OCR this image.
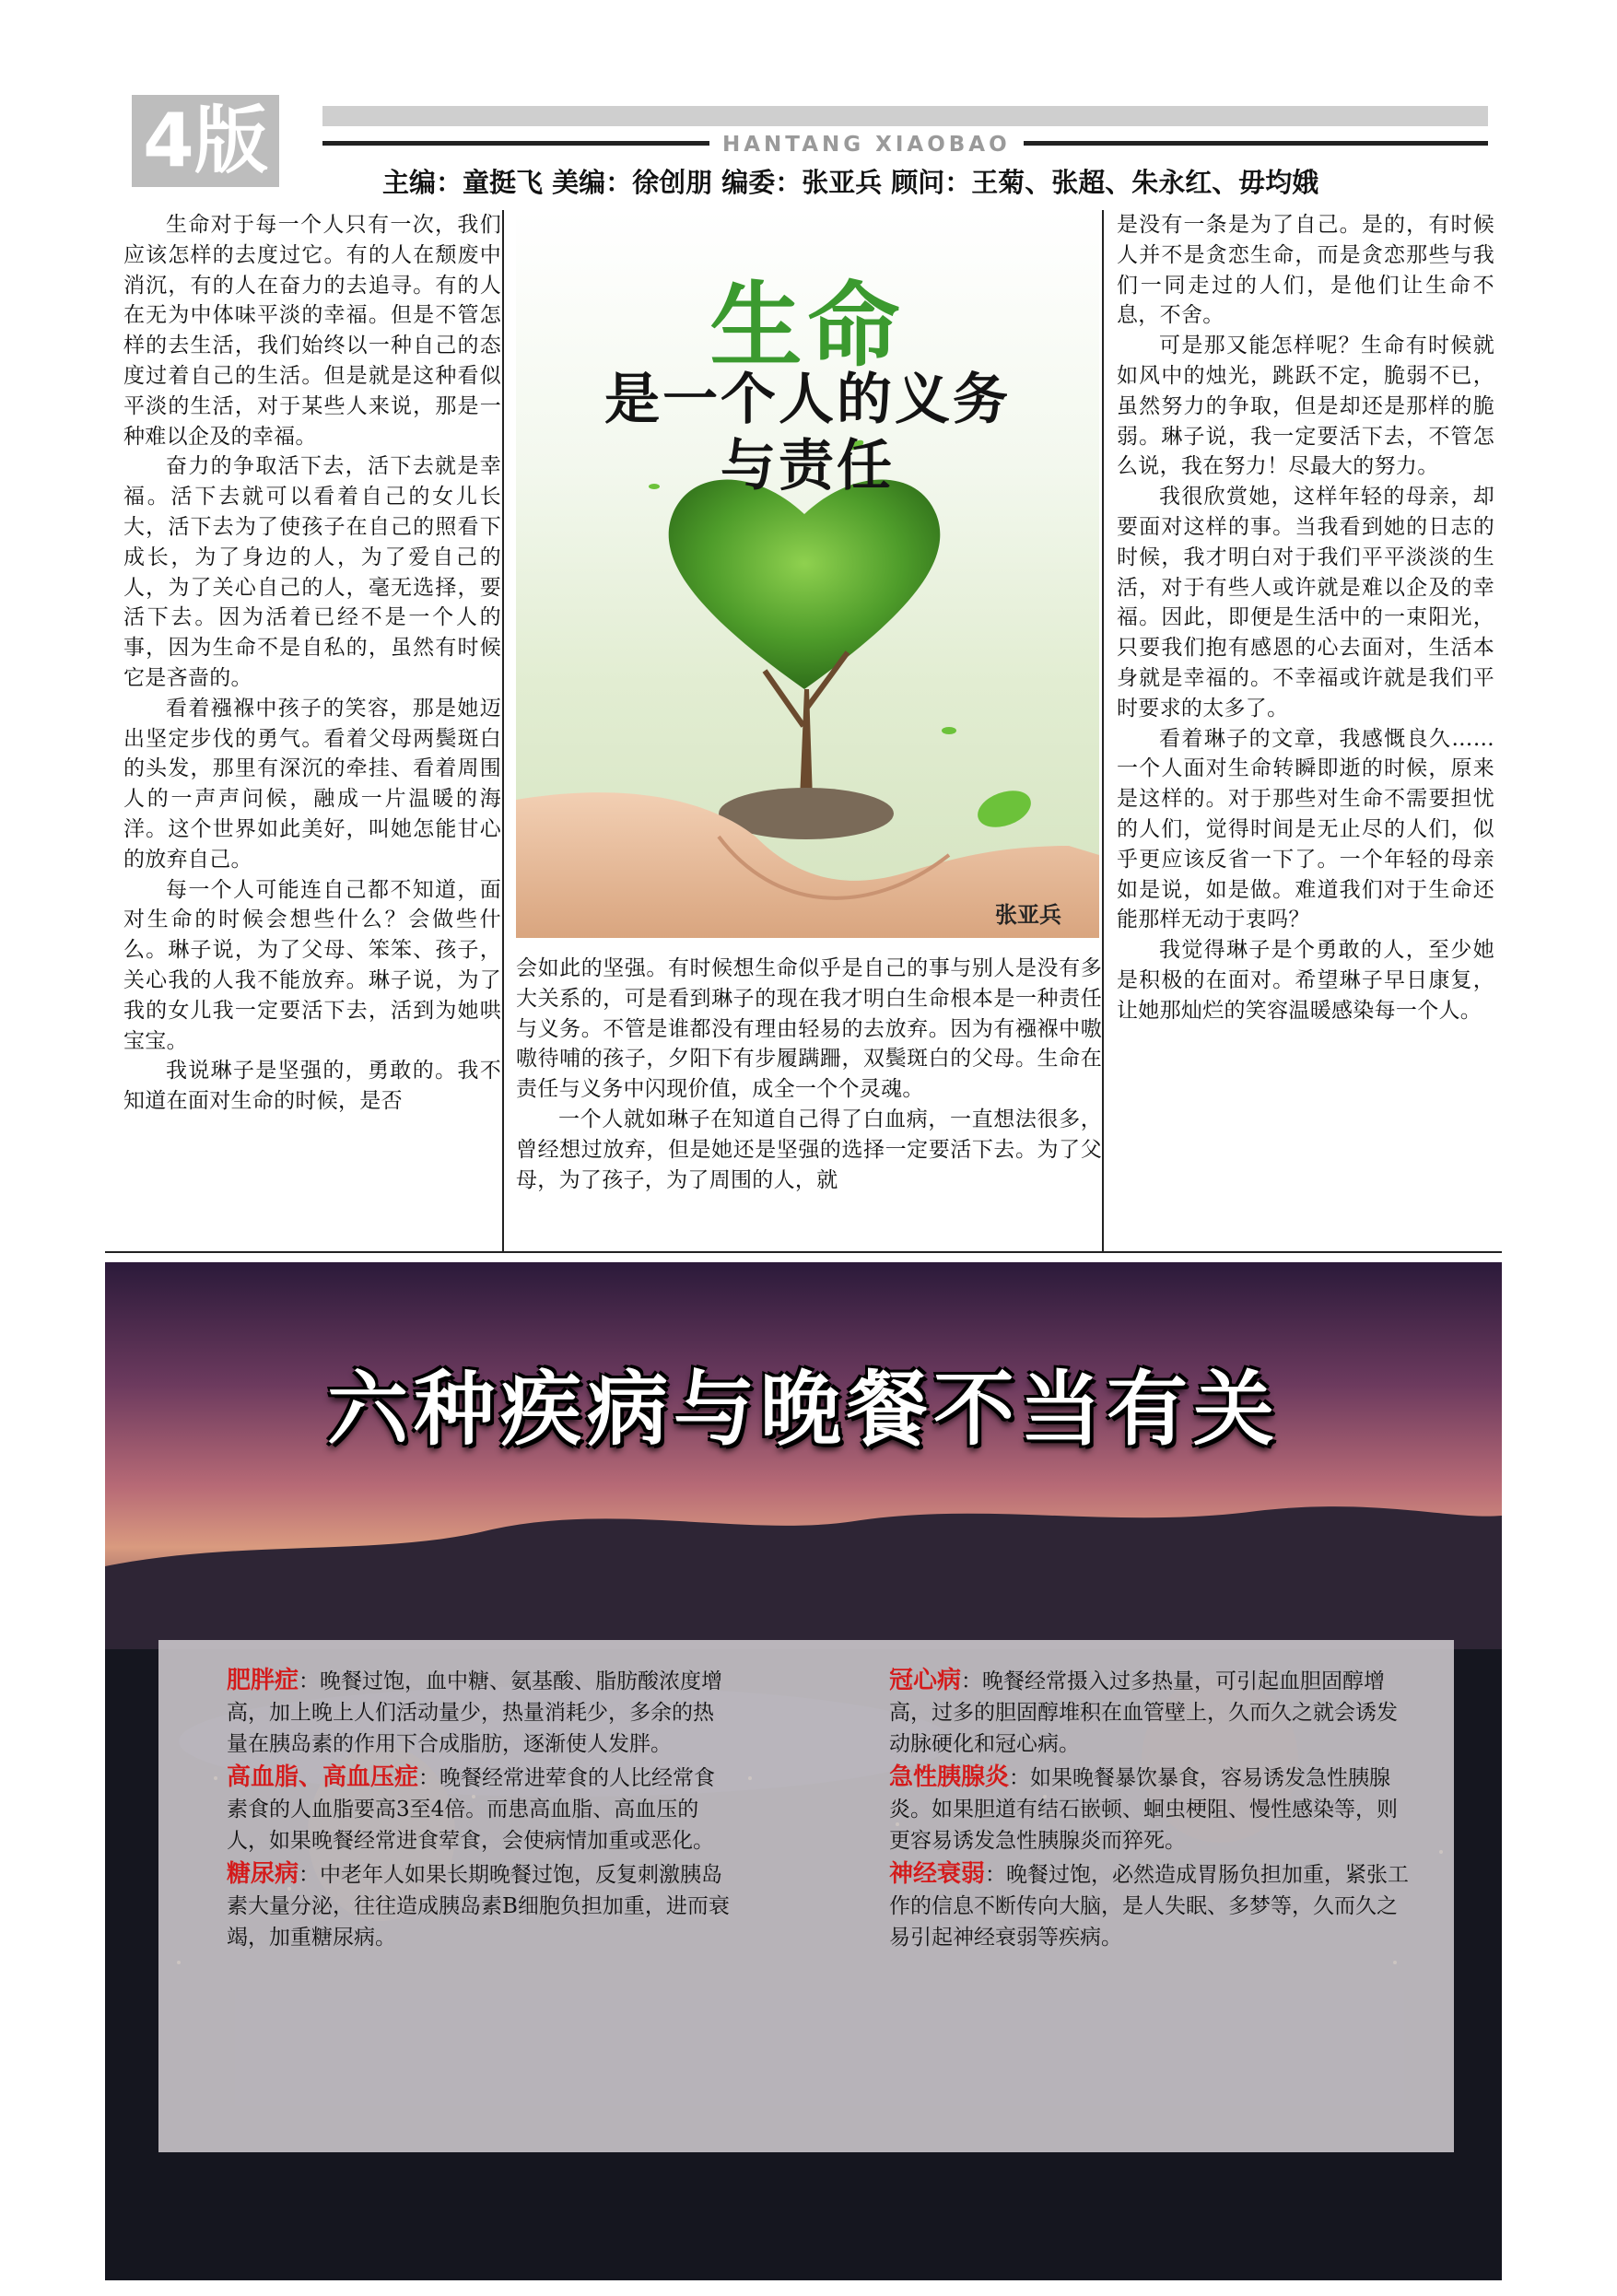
4版	HANTANG XIAOBAO
主编：童挺飞 美编：徐创朋 编委：张亚兵 顾问：王菊、张超、朱永红、毋均娥

生命对于每一个人只有一次，我们应该怎样的去度过它。有的人在颓废中消沉，有的人在奋力的去追寻。有的人在无为中体味平淡的幸福。但是不管怎样的去生活，我们始终以一种自己的态度过着自己的生活。但是就是这种看似平淡的生活，对于某些人来说，那是一种难以企及的幸福。

奋力的争取活下去，活下去就是幸福。活下去就可以看着自己的女儿长大，活下去为了使孩子在自己的照看下成长，为了身边的人，为了爱自己的人，为了关心自己的人，毫无选择，要活下去。因为活着已经不是一个人的事，因为生命不是自私的，虽然有时候它是吝啬的。

看着襁褓中孩子的笑容，那是她迈出坚定步伐的勇气。看着父母两鬓斑白的头发，那里有深沉的牵挂、看着周围人的一声声问候，融成一片温暖的海洋。这个世界如此美好，叫她怎能甘心的放弃自己。

每一个人可能连自己都不知道，面对生命的时候会想些什么？会做些什么。琳子说，为了父母、笨笨、孩子，关心我的人我不能放弃。琳子说，为了我的女儿我一定要活下去，活到为她哄宝宝。

我说琳子是坚强的，勇敢的。我不知道在面对生命的时候，是否

生命
是一个人的义务
与责任
张亚兵

会如此的坚强。有时候想生命似乎是自己的事与别人是没有多大关系的，可是看到琳子的现在我才明白生命根本是一种责任与义务。不管是谁都没有理由轻易的去放弃。因为有襁褓中嗷嗷待哺的孩子，夕阳下有步履蹒跚，双鬓斑白的父母。生命在责任与义务中闪现价值，成全一个个灵魂。

一个人就如琳子在知道自己得了白血病，一直想法很多，曾经想过放弃，但是她还是坚强的选择一定要活下去。为了父母，为了孩子，为了周围的人，就

是没有一条是为了自己。是的，有时候人并不是贪恋生命，而是贪恋那些与我们一同走过的人们，是他们让生命不息，不舍。

可是那又能怎样呢？生命有时候就如风中的烛光，跳跃不定，脆弱不已，虽然努力的争取，但是却还是那样的脆弱。琳子说，我一定要活下去，不管怎么说，我在努力！尽最大的努力。

我很欣赏她，这样年轻的母亲，却要面对这样的事。当我看到她的日志的时候，我才明白对于我们平平淡淡的生活，对于有些人或许就是难以企及的幸福。因此，即便是生活中的一束阳光，只要我们抱有感恩的心去面对，生活本身就是幸福的。不幸福或许就是我们平时要求的太多了。

看着琳子的文章，我感慨良久……一个人面对生命转瞬即逝的时候，原来是这样的。对于那些对生命不需要担忧的人们，觉得时间是无止尽的人们，似乎更应该反省一下了。一个年轻的母亲如是说，如是做。难道我们对于生命还能那样无动于衷吗？

我觉得琳子是个勇敢的人，至少她是积极的在面对。希望琳子早日康复，让她那灿烂的笑容温暖感染每一个人。

六种疾病与晚餐不当有关

肥胖症：晚餐过饱，血中糖、氨基酸、脂肪酸浓度增高，加上晚上人们活动量少，热量消耗少，多余的热量在胰岛素的作用下合成脂肪，逐渐使人发胖。

高血脂、高血压症：晚餐经常进荤食的人比经常食素食的人血脂要高3至4倍。而患高血脂、高血压的人，如果晚餐经常进食荤食，会使病情加重或恶化。

糖尿病：中老年人如果长期晚餐过饱，反复刺激胰岛素大量分泌，往往造成胰岛素B细胞负担加重，进而衰竭，加重糖尿病。

冠心病：晚餐经常摄入过多热量，可引起血胆固醇增高，过多的胆固醇堆积在血管壁上，久而久之就会诱发动脉硬化和冠心病。

急性胰腺炎：如果晚餐暴饮暴食，容易诱发急性胰腺炎。如果胆道有结石嵌顿、蛔虫梗阻、慢性感染等，则更容易诱发急性胰腺炎而猝死。

神经衰弱：晚餐过饱，必然造成胃肠负担加重，紧张工作的信息不断传向大脑，是人失眠、多梦等，久而久之易引起神经衰弱等疾病。
